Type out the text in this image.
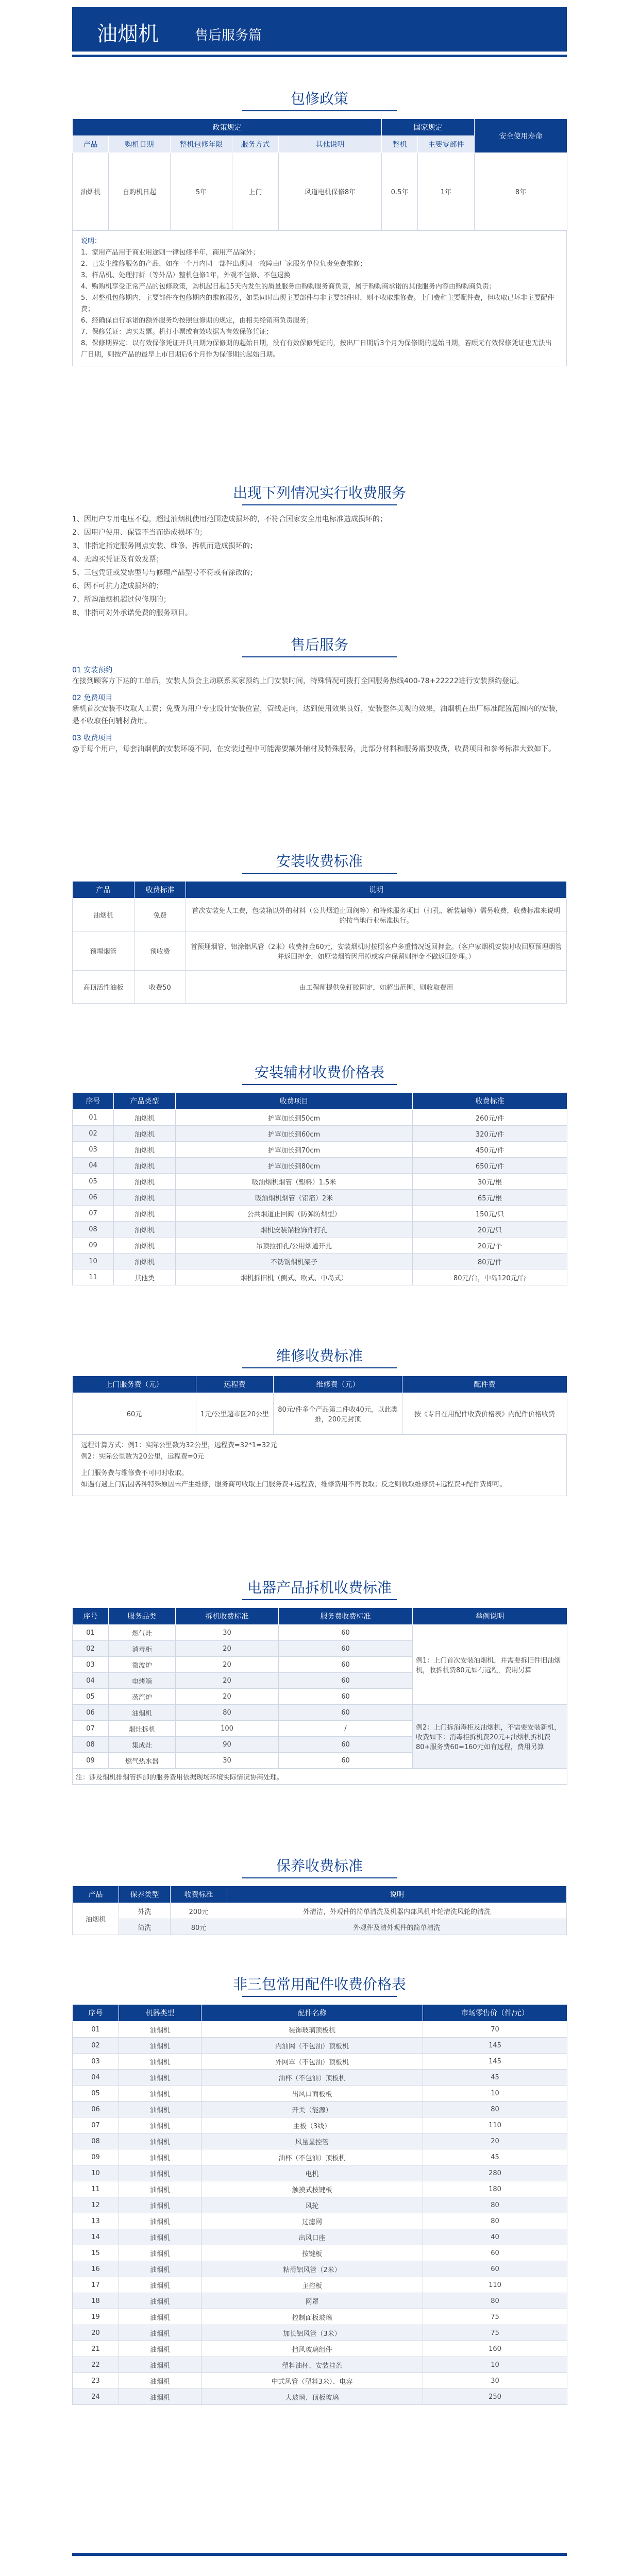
油烟机	售后服务篇
包修政策
政策规定					国家规定		安全使用寿命
产品	购机日期	整机包修年限	服务方式	其他说明	整机	主要零部件	
油烟机	自购机日起	5年	上门	风道电机保修8年	0.5年	1年	8年
说明：
1、家用产品用于商业用途则一律包修半年，商用产品除外；
2、已发生维修服务的产品，如在一个月内同一部件出现同一故障由厂家服务单位负责免费维修；
3、样品机、处理打折（等外品）整机包修1年，外观不包修、不包退换
4、购购机享受正常产品的包修政策，购机起日起15天内发生的质量服务由购购服务商负责，属于购购商承诺的其他服务内容由购购商负责；
5、对整机包修期内，主要部件在包修期内的维修服务，如果同时出现主要部件与非主要部件时，则不收取维修费。上门费和主要配件费，但收取已坏非主要配件费；
6、经确保自行承诺的额外服务均按照包修期的规定，由相关经销商负责服务；
7、保修凭证：购买发票。机打小票或有效收据为有效保修凭证；
8、保修期界定：以有效保修凭证开具日期为保修期的起始日期，没有有效保修凭证的，按出厂日期后3个月为保修期的起始日期，若顾无有效保修凭证也无法出厂日期，则按产品的最早上市日期后6个月作为保修期的起始日期。
出现下列情况实行收费服务
1、因用户专用电压不稳，超过油烟机使用范围造成损坏的，不符合国家安全用电标准造成损坏的；
2、因用户使用、保管不当而造成损坏的；
3、非指定指定服务网点安装、维修、拆机而造成损坏的；
4、无购买凭证及有效发票；
5、三包凭证或发票型号与修理产品型号不符或有涂改的；
6、因不可抗力造成损坏的；
7、所购油烟机超过包修期的；
8、非指可对外承诺免费的服务项目。
售后服务
01 安装预约
在接到顾客方下达的工单后，安装人员会主动联系买家预约上门安装时间，特殊情况可拨打全国服务热线400-78+22222进行安装预约登记。
02 免费项目
新机首次安装不收取人工费；免费为用户专业设计安装位置，管线走向，达到使用效果良好，安装整体美观的效果，油烟机在出厂标准配置范围内的安装，是不收取任何辅材费用。
03 收费项目
@于每个用户，每套油烟机的安装环境不同，在安装过程中可能需要额外辅材及特殊服务，此部分材料和服务需要收费，收费项目和参考标准大致如下。
安装收费标准
产品	收费标准	说明
油烟机	免费	首次安装免人工费，包装箱以外的材料（公共烟道止回阀等）和特殊服务项目（打孔、新装墙等）需另收费，收费标准来说明的按当地行业标准执行。
预埋烟管	预收费	首预埋烟管、铝涂铝风管（2米）收费押金60元，安装烟机时按照客户多重情况返回押金。（客户家烟机安装时收回原预埋烟管并返回押金，如原装烟管因用掉或客户保留则押金不做返回处理。）
高顶活性油板	收费50	由工程师提供免钉胶固定，如超出范围，则收取费用
安装辅材收费价格表
序号	产品类型	收费项目	收费标准
01	油烟机	护罩加长到50cm	260元/件
02	油烟机	护罩加长到60cm	320元/件
03	油烟机	护罩加长到70cm	450元/件
04	油烟机	护罩加长到80cm	650元/件
05	油烟机	吸油烟机烟管（塑料）1.5米	30元/根
06	油烟机	吸油烟机烟管（铝箔）2米	65元/根
07	油烟机	公共烟道止回阀（防弹防烟型）	150元/只
08	油烟机	烟机安装锚栓饰件打孔	20元/只
09	油烟机	吊顶拉扣孔/公用烟道开孔	20元/个
10	油烟机	不锈钢烟机架子	80元/件
11	其他类	烟机拆旧机（侧式、欧式、中岛式）	80元/台，中岛120元/台
维修收费标准
上门服务费（元）	远程费	维修费（元）	配件费
60元	1元/公里超市区20公里	80元/件多个产品第二件收40元，以此类推，200元封顶	按《专日在用配件收费价格表》内配件价格收费
远程计算方式：例1：实际公里数为32公里，远程费=32*1=32元
例2：实际公里数为20公里，远程费=0元
上门服务费与维修费不可同时收取。
如遇有遇上门后因各种特殊原因未产生维修，服务商可收取上门服务费+远程费，维修费用不再收取；反之则收取维修费+远程费+配件费即可。
电器产品拆机收费标准
序号	服务品类	拆机收费标准	服务费收费标准	举例说明
01	燃气灶	30	60	例1：上门首次安装油烟机，并需要拆旧件旧油烟机，收拆机费80元如有远程，费用另算
02	消毒柜	20	60	
03	微波炉	20	60	
04	电烤箱	20	60	
05	蒸汽炉	20	60	
06	油烟机	80	60	例2：上门拆消毒柜及油烟机，不需要安装新机，收费如下：消毒柜拆机费20元+油烟机拆机费80+服务费60=160元如有远程，费用另算
07	烟灶拆机	100	/	
08	集成灶	90	60	
09	燃气热水器	30	60	
注：涉及烟机排烟管拆卸的服务费用依据现场环境实际情况协商处理。				
保养收费标准
产品	保养类型	收费标准	说明
油烟机	外洗	200元	外清洁，外观件的简单清洗及机器内部风机叶轮清洗风轮的清洗
	简洗	80元	外观件及清外观件的简单清洗
非三包常用配件收费价格表
序号	机器类型	配件名称	市场零售价（件/元）
01	油烟机	装饰玻璃顶板机	70
02	油烟机	内油网（不包油）顶板机	145
03	油烟机	外网罩（不包油）顶板机	145
04	油烟机	油杯（不包油）顶板机	45
05	油烟机	出风口面板板	10
06	油烟机	开关（能源）	80
07	油烟机	主板（3线）	110
08	油烟机	风量显控管	20
09	油烟机	油杯（不包油）顶板机	45
10	油烟机	电机	280
11	油烟机	触摸式按键板	180
12	油烟机	风轮	80
13	油烟机	过滤网	80
14	油烟机	出风口座	40
15	油烟机	按键板	60
16	油烟机	粘滑铝风管（2米）	60
17	油烟机	主控板	110
18	油烟机	网罩	80
19	油烟机	控制面板玻璃	75
20	油烟机	加长铝风管（3米）	75
21	油烟机	挡风玻璃组件	160
22	油烟机	塑料油杯、安装挂条	10
23	油烟机	中式风管（塑料3米）、电容	30
24	油烟机	大玻璃、顶板玻璃	250
